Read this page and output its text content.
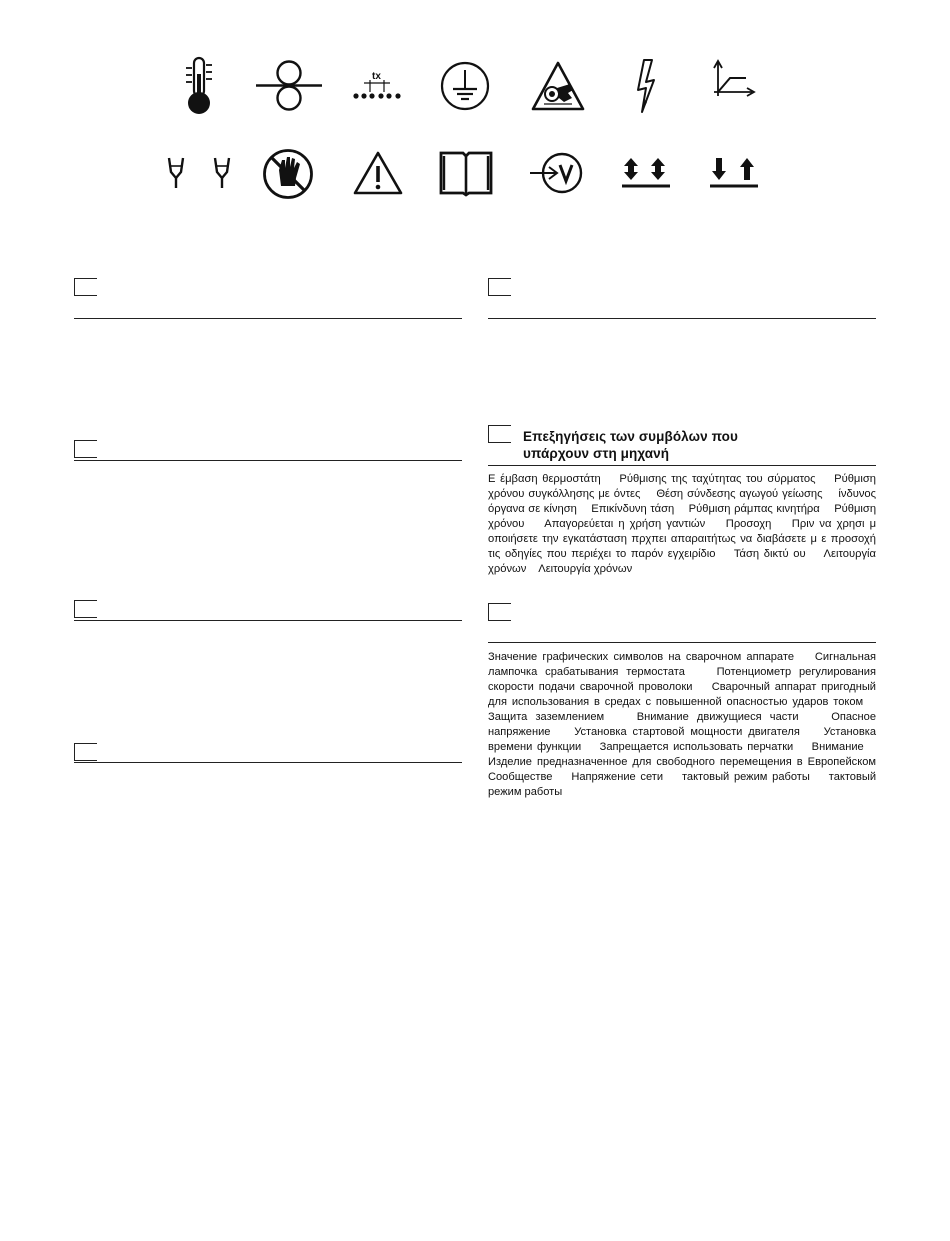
tx
Επεξηγήσεις των συμβόλων που
υπάρχουν στη μηχανή

Ε έμβαση θερμοστάτη Ρύθμισης της ταχύτητας του σύρματος Ρύθμιση χρόνου συγκόλλησης με όντες Θέση σύνδεσης αγωγού γείωσης ίνδυνος όργανα σε κίνηση Επικίνδυνη τάση Ρύθμιση ράμπας κινητήρα Ρύθμιση χρόνου Απαγορεύεται η χρήση γαντιών Προσοχη Πριν να χρησι μ οποιήσετε την εγκατάσταση πρχπει απαραιτήτως να διαβάσετε μ ε προσοχή τις οδηγίες που περιέχει το παρόν εγχειρίδιο Τάση δικτύ ου Λειτουργία χρόνων Λειτουργία χρόνων

Значение графических символов на сварочном аппарате Сигнальная лампочка срабатывания термостата	Потенциометр регулирования скорости подачи сварочной проволоки Сварочный аппарат пригодный для использования в средах с повышенной опасностью ударов током Защита заземлением	Внимание движущиеся части	Опасное напряжение Установка стартовой мощности двигателя Установка времени функции Запрещается использовать перчатки Внимание Изделие предназначенное для свободного перемещения в Европейском Сообществе Напряжение сети тактовый режим работы тактовый режим работы
